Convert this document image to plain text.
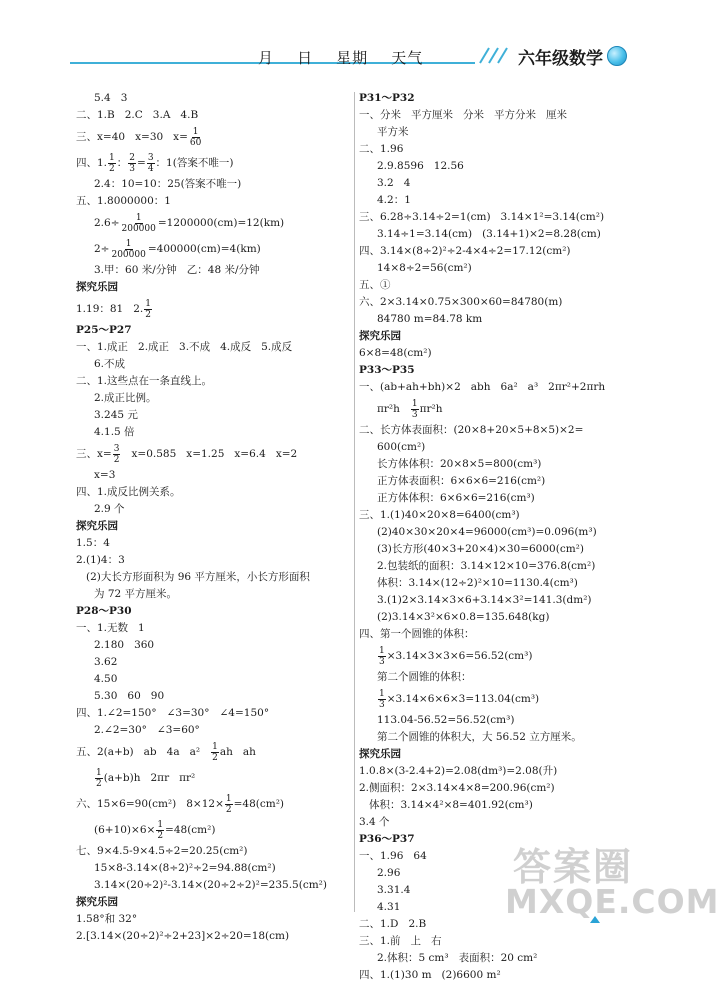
月    日    星期    天气	六年级数学
5.4   3
二、1.B   2.C   3.A   4.B
三、x=40   x=30   $x= \frac{1}{60}$
四、1. $\frac{1}{2}$ ： $\frac{2}{3} = \frac{3}{4}$ ：1(答案不唯一)
2.4：10=10：25(答案不唯一)
五、1.8000000：1
$2.6\div \frac{1}{200000} =1200000(cm)=12(km)$
$2\div \frac{1}{200000} =400000(cm)=4(km)$
3.甲：60 米/分钟   乙：48 米/分钟
探究乐园
1.19：81   2. $\frac{1}{2}$
P25～P27
一、1.成正   2.成正   3.不成   4.成反   5.成反
6.不成
二、1.这些点在一条直线上。
2.成正比例。
3.245 元
4.1.5 倍
三、$x= \frac{3}{2} x=0.585$   x=1.25   x=6.4   x=2
x=3
四、1.成反比例关系。
2.9 个
探究乐园
1.5：4
2.(1)4：3
(2)大长方形面积为 96 平方厘米，小长方形面积
为 72 平方厘米。
P28～P30
一、1.无数   1
2.180   360
3.62
4.50
5.30   60   90
四、1.∠2=150°   ∠3=30°   ∠4=150°
2.∠2=30°   ∠3=60°
五、2(a+b)   ab   4a   $a^2 \frac{1}{2}$ ah   ah
$\frac{1}{2} (a+b)h$   2πr   πr²
六、15×6=90(cm²)   $8\times 12\times \frac{1}{2} =48(cm^2)$
$(6+10)\times 6\times \frac{1}{2} =48(cm^2)$
七、9×4.5-9×4.5÷2=20.25(cm²)
15×8-3.14×(8÷2)²÷2=94.88(cm²)
3.14×(20÷2)²-3.14×(20÷2÷2)²=235.5(cm²)
探究乐园
1.58°和 32°
2.[3.14×(20÷2)²÷2+23]×2÷20=18(cm)
P31～P32
一、分米   平方厘米   分米   平方分米   厘米
平方米
二、1.96
2.9.8596   12.56
3.2   4
4.2：1
三、6.28÷3.14÷2=1(cm)   3.14×1²=3.14(cm²)
3.14÷1=3.14(cm)   (3.14+1)×2=8.28(cm)
四、3.14×(8÷2)²÷2-4×4÷2=17.12(cm²)
14×8÷2=56(cm²)
五、①
六、2×3.14×0.75×300×60=84780(m)
84780 m=84.78 km
探究乐园
6×8=48(cm²)
P33～P35
一、(ab+ah+bh)×2   abh   6a²   a³   2πr²+2πrh
$\pi r^2h \frac{1}{3} \pi r^2h$
二、长方体表面积：(20×8+20×5+8×5)×2=
600(cm²)
长方体体积：20×8×5=800(cm³)
正方体表面积：6×6×6=216(cm²)
正方体体积：6×6×6=216(cm³)
三、1.(1)40×20×8=6400(cm³)
(2)40×30×20×4=96000(cm³)=0.096(m³)
(3)长方形(40×3+20×4)×30=6000(cm²)
2.包装纸的面积：3.14×12×10=376.8(cm²)
体积：3.14×(12÷2)²×10=1130.4(cm³)
3.(1)2×3.14×3×6+3.14×3²=141.3(dm²)
(2)3.14×3²×6×0.8=135.648(kg)
四、第一个圆锥的体积：
$\frac{1}{3} \times 3.14\times 3\times 3\times 6=56.52(cm^3)$
第二个圆锥的体积：
$\frac{1}{3} \times 3.14\times 6\times 6\times 3=113.04(cm^3)$
113.04-56.52=56.52(cm³)
第二个圆锥的体积大，大 56.52 立方厘米。
探究乐园
1.0.8×(3-2.4+2)=2.08(dm³)=2.08(升)
2.侧面积：2×3.14×4×8=200.96(cm²)
体积：3.14×4²×8=401.92(cm³)
3.4 个
P36～P37
一、1.96   64
2.96
3.31.4
4.31
二、1.D   2.B
三、1.前   上   右
2.体积：5 cm³   表面积：20 cm²
四、1.(1)30 m   (2)6600 m²
答案圈
MXQE.COM
